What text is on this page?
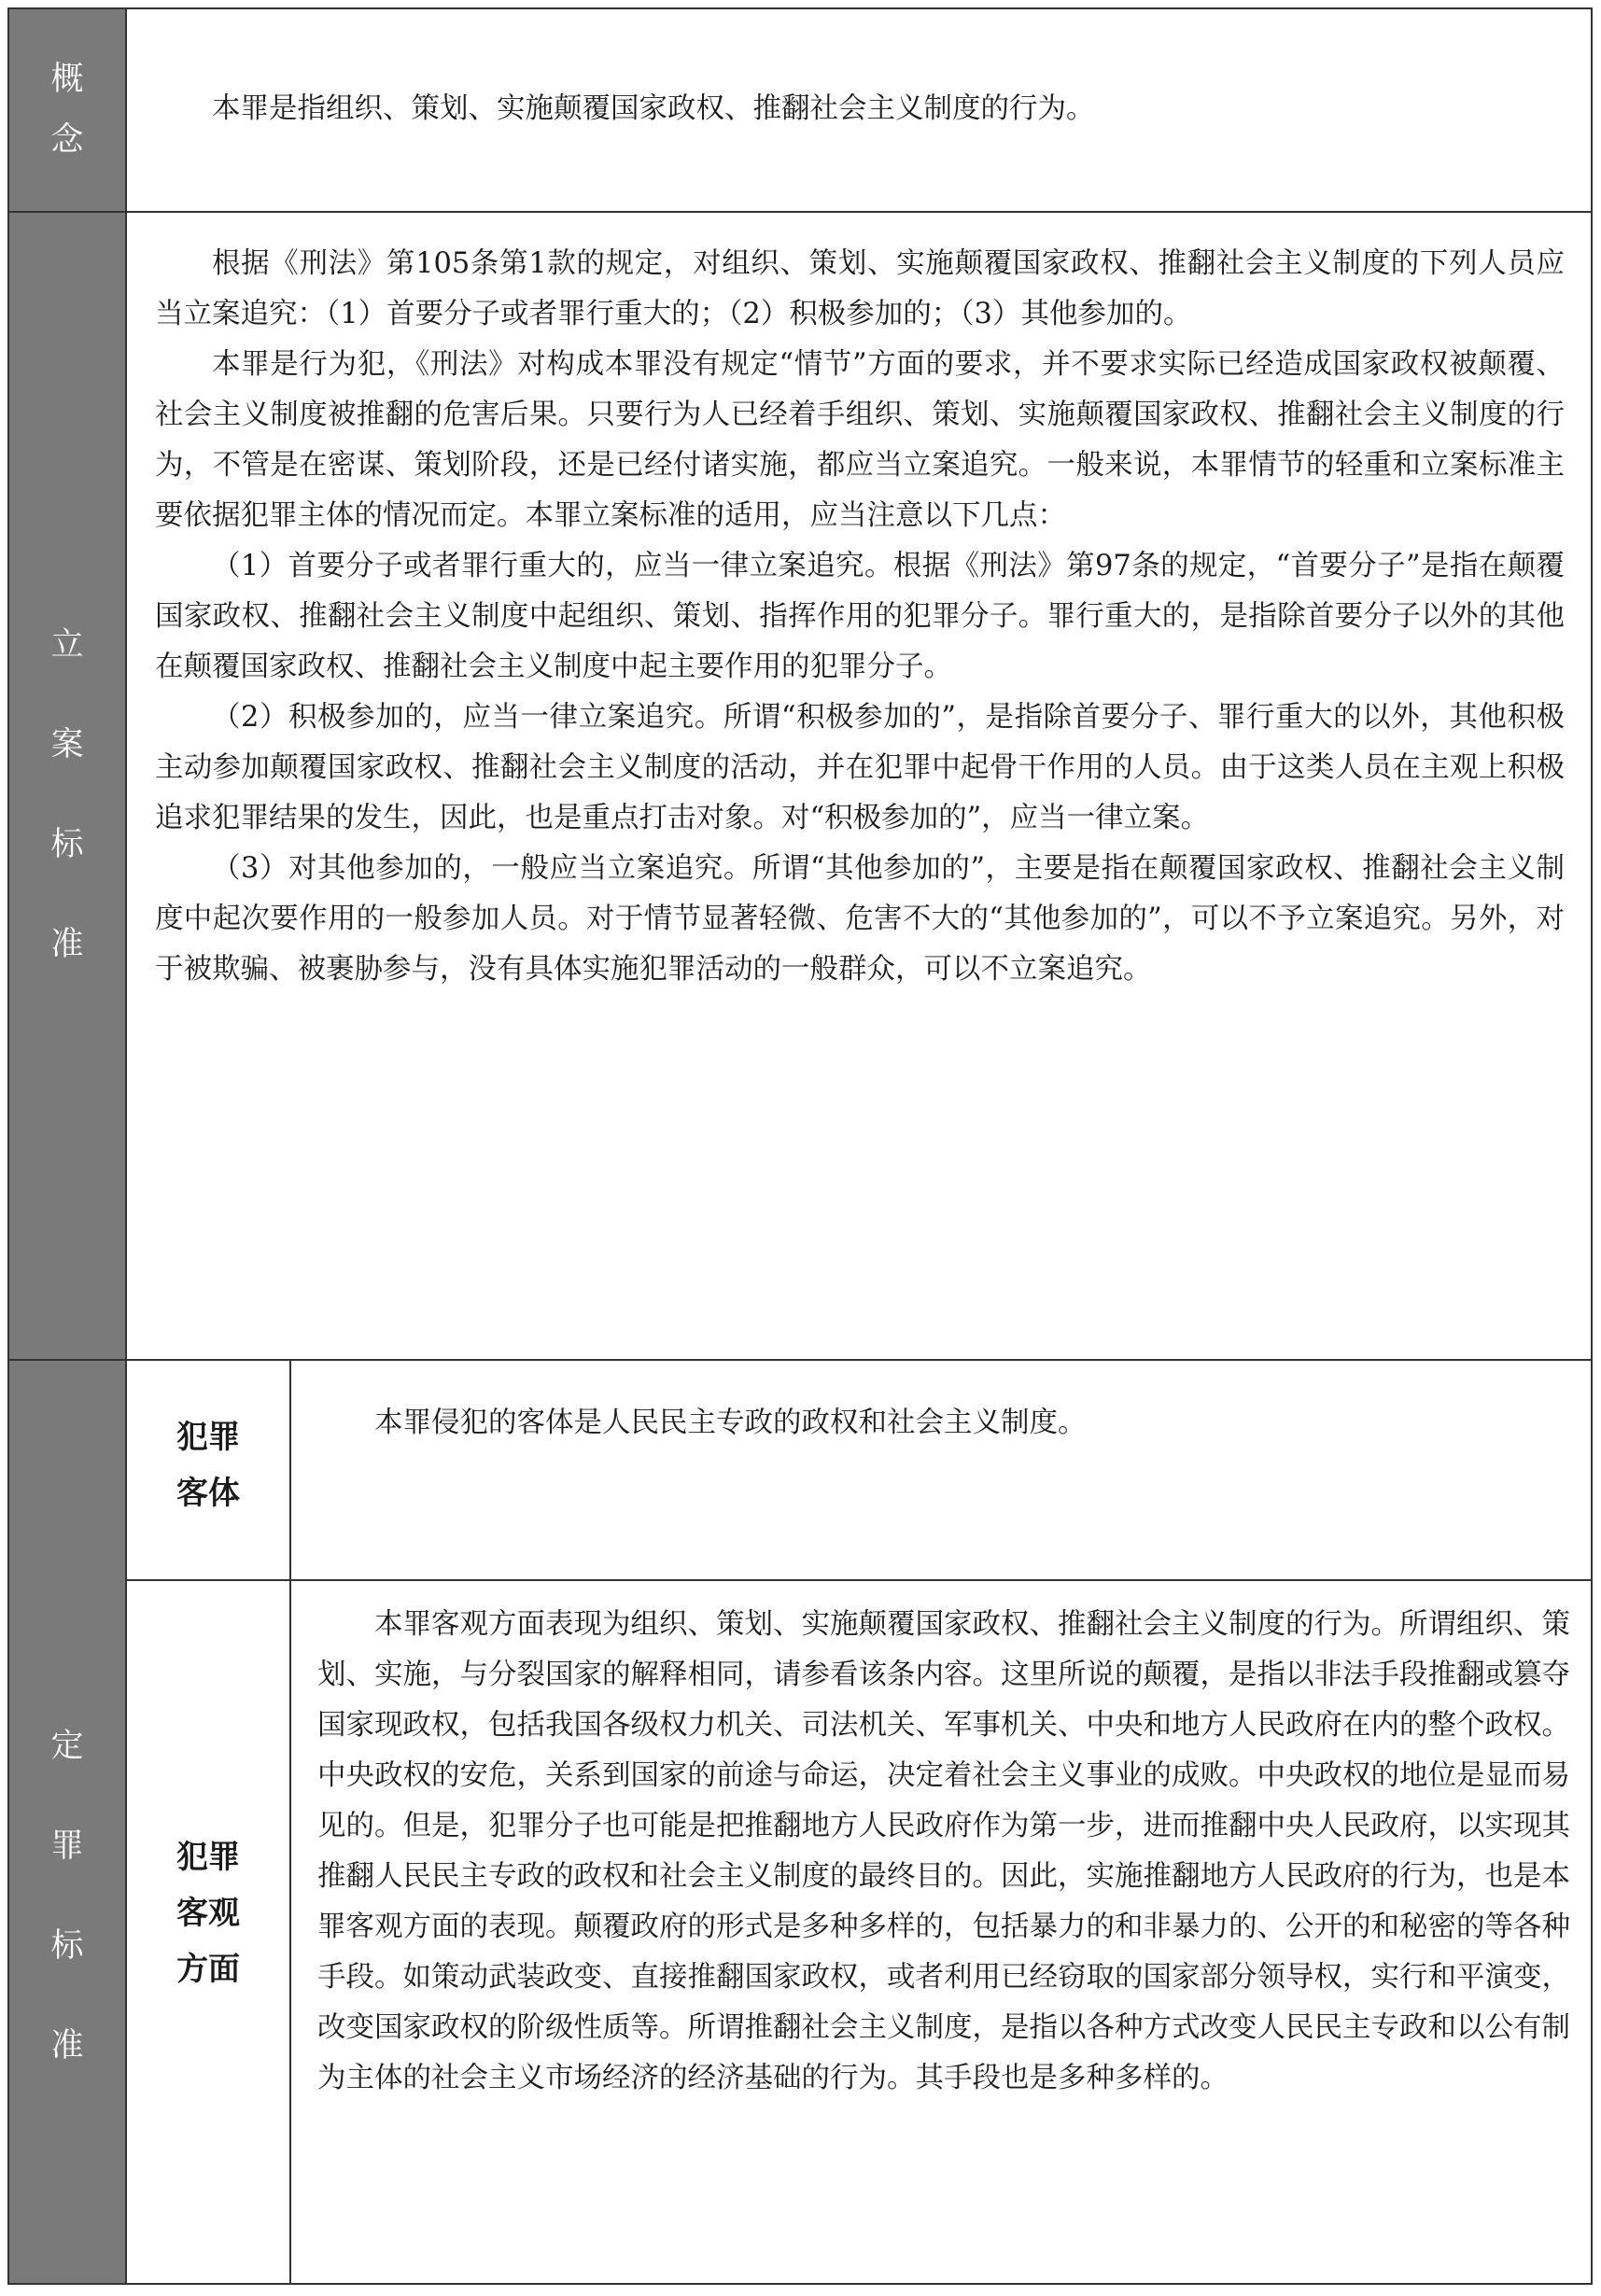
概
念

本罪是指组织、策划、实施颠覆国家政权、推翻社会主义制度的行为。

立
案
标
准

根据《刑法》第105条第1款的规定，对组织、策划、实施颠覆国家政权、推翻社会主义制度的下列人员应当立案追究：（1）首要分子或者罪行重大的；（2）积极参加的；（3）其他参加的。

本罪是行为犯，《刑法》对构成本罪没有规定“情节”方面的要求，并不要求实际已经造成国家政权被颠覆、社会主义制度被推翻的危害后果。只要行为人已经着手组织、策划、实施颠覆国家政权、推翻社会主义制度的行为，不管是在密谋、策划阶段，还是已经付诸实施，都应当立案追究。一般来说，本罪情节的轻重和立案标准主要依据犯罪主体的情况而定。本罪立案标准的适用，应当注意以下几点：

（1）首要分子或者罪行重大的，应当一律立案追究。根据《刑法》第97条的规定，“首要分子”是指在颠覆国家政权、推翻社会主义制度中起组织、策划、指挥作用的犯罪分子。罪行重大的，是指除首要分子以外的其他在颠覆国家政权、推翻社会主义制度中起主要作用的犯罪分子。

（2）积极参加的，应当一律立案追究。所谓“积极参加的”，是指除首要分子、罪行重大的以外，其他积极主动参加颠覆国家政权、推翻社会主义制度的活动，并在犯罪中起骨干作用的人员。由于这类人员在主观上积极追求犯罪结果的发生，因此，也是重点打击对象。对“积极参加的”，应当一律立案。

（3）对其他参加的，一般应当立案追究。所谓“其他参加的”，主要是指在颠覆国家政权、推翻社会主义制度中起次要作用的一般参加人员。对于情节显著轻微、危害不大的“其他参加的”，可以不予立案追究。另外，对于被欺骗、被裹胁参与，没有具体实施犯罪活动的一般群众，可以不立案追究。

定
罪
标
准
犯罪
客体

本罪侵犯的客体是人民民主专政的政权和社会主义制度。

犯罪
客观
方面

本罪客观方面表现为组织、策划、实施颠覆国家政权、推翻社会主义制度的行为。所谓组织、策划、实施，与分裂国家的解释相同，请参看该条内容。这里所说的颠覆，是指以非法手段推翻或篡夺国家现政权，包括我国各级权力机关、司法机关、军事机关、中央和地方人民政府在内的整个政权。中央政权的安危，关系到国家的前途与命运，决定着社会主义事业的成败。中央政权的地位是显而易见的。但是，犯罪分子也可能是把推翻地方人民政府作为第一步，进而推翻中央人民政府，以实现其推翻人民民主专政的政权和社会主义制度的最终目的。因此，实施推翻地方人民政府的行为，也是本罪客观方面的表现。颠覆政府的形式是多种多样的，包括暴力的和非暴力的、公开的和秘密的等各种手段。如策动武装政变、直接推翻国家政权，或者利用已经窃取的国家部分领导权，实行和平演变，改变国家政权的阶级性质等。所谓推翻社会主义制度，是指以各种方式改变人民民主专政和以公有制为主体的社会主义市场经济的经济基础的行为。其手段也是多种多样的。
